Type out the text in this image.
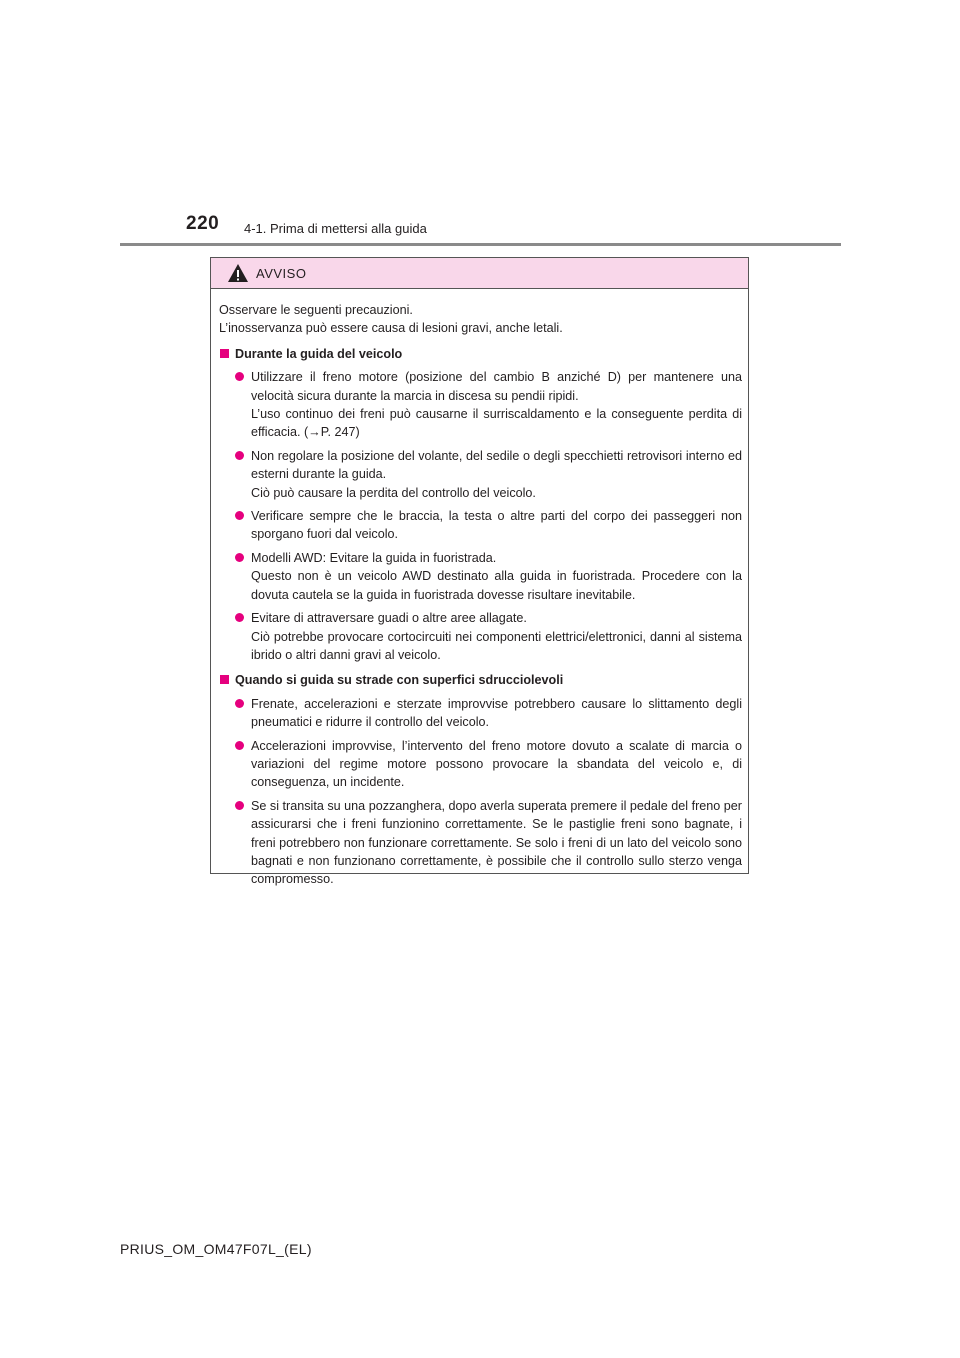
220 4-1. Prima di mettersi alla guida
AVVISO

Osservare le seguenti precauzioni.

L’inosservanza può essere causa di lesioni gravi, anche letali.

Durante la guida del veicolo

Utilizzare il freno motore (posizione del cambio B anziché D) per mantenere una velocità sicura durante la marcia in discesa su pendii ripidi.

L’uso continuo dei freni può causarne il surriscaldamento e la conseguente perdita di efficacia. (→P. 247)

Non regolare la posizione del volante, del sedile o degli specchietti retrovisori interno ed esterni durante la guida.

Ciò può causare la perdita del controllo del veicolo.

Verificare sempre che le braccia, la testa o altre parti del corpo dei passeggeri non sporgano fuori dal veicolo.

Modelli AWD: Evitare la guida in fuoristrada.

Questo non è un veicolo AWD destinato alla guida in fuoristrada. Procedere con la dovuta cautela se la guida in fuoristrada dovesse risultare inevitabile.

Evitare di attraversare guadi o altre aree allagate.

Ciò potrebbe provocare cortocircuiti nei componenti elettrici/elettronici, danni al sistema ibrido o altri danni gravi al veicolo.

Quando si guida su strade con superfici sdrucciolevoli

Frenate, accelerazioni e sterzate improvvise potrebbero causare lo slittamento degli pneumatici e ridurre il controllo del veicolo.

Accelerazioni improvvise, l’intervento del freno motore dovuto a scalate di marcia o variazioni del regime motore possono provocare la sbandata del veicolo e, di conseguenza, un incidente.

Se si transita su una pozzanghera, dopo averla superata premere il pedale del freno per assicurarsi che i freni funzionino correttamente. Se le pastiglie freni sono bagnate, i freni potrebbero non funzionare correttamente. Se solo i freni di un lato del veicolo sono bagnati e non funzionano correttamente, è possibile che il controllo sullo sterzo venga compromesso.

PRIUS_OM_OM47F07L_(EL)
